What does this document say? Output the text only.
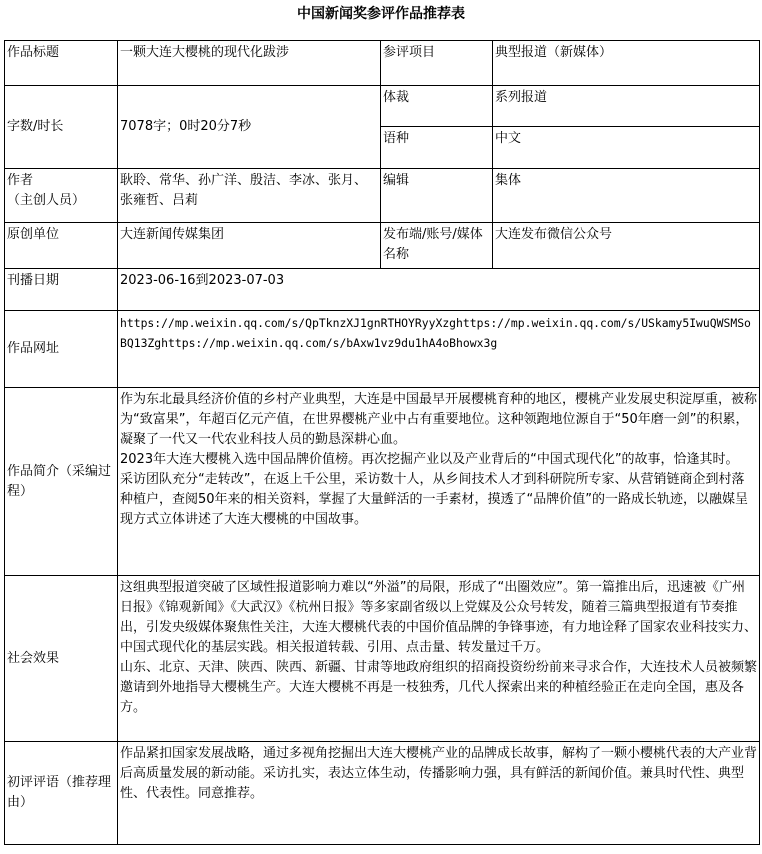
中国新闻奖参评作品推荐表
作品标题	一颗大连大樱桃的现代化跋涉	参评项目	典型报道（新媒体）
字数/时长	7078字；0时20分7秒	体裁	系列报道
		语种	中文
作者
（主创人员）	耿聆、常华、孙广洋、殷洁、李冰、张月、张雍哲、吕莉	编辑	集体
原创单位	大连新闻传媒集团	发布端/账号/媒体名称	大连发布微信公众号
刊播日期	2023-06-16到2023-07-03		
作品网址	https://mp.weixin.qq.com/s/QpTknzXJ1gnRTHOYRyyXzghttps://mp.weixin.qq.com/s/USkamy5IwuQWSMSoBQ13Zghttps://mp.weixin.qq.com/s/bAxw1vz9du1hA4oBhowx3g		
作品简介（采编过程）	作为东北最具经济价值的乡村产业典型，大连是中国最早开展樱桃育种的地区，樱桃产业发展史积淀厚重，被称为“致富果”，年超百亿元产值，在世界樱桃产业中占有重要地位。这种领跑地位源自于“50年磨一剑”的积累，凝聚了一代又一代农业科技人员的勤恳深耕心血。
2023年大连大樱桃入选中国品牌价值榜。再次挖掘产业以及产业背后的“中国式现代化”的故事，恰逢其时。
采访团队充分“走转改”，在返上千公里，采访数十人，从乡间技术人才到科研院所专家、从营销链商企到村落种植户，查阅50年来的相关资料，掌握了大量鲜活的一手素材，摸透了“品牌价值”的一路成长轨迹，以融媒呈现方式立体讲述了大连大樱桃的中国故事。		

社会效果	这组典型报道突破了区域性报道影响力难以“外溢”的局限，形成了“出圈效应”。第一篇推出后，迅速被《广州日报》《锦观新闻》《大武汉》《杭州日报》等多家副省级以上党媒及公众号转发，随着三篇典型报道有节奏推出，引发央级媒体聚焦性关注，大连大樱桃代表的中国价值品牌的争锋事迹，有力地诠释了国家农业科技实力、中国式现代化的基层实践。相关报道转载、引用、点击量、转发量过千万。
山东、北京、天津、陕西、陕西、新疆、甘肃等地政府组织的招商投资纷纷前来寻求合作，大连技术人员被频繁邀请到外地指导大樱桃生产。大连大樱桃不再是一枝独秀，几代人探索出来的种植经验正在走向全国，惠及各方。		

初评评语（推荐理由）	作品紧扣国家发展战略，通过多视角挖掘出大连大樱桃产业的品牌成长故事，解构了一颗小樱桃代表的大产业背后高质量发展的新动能。采访扎实，表达立体生动，传播影响力强，具有鲜活的新闻价值。兼具时代性、典型性、代表性。同意推荐。		
